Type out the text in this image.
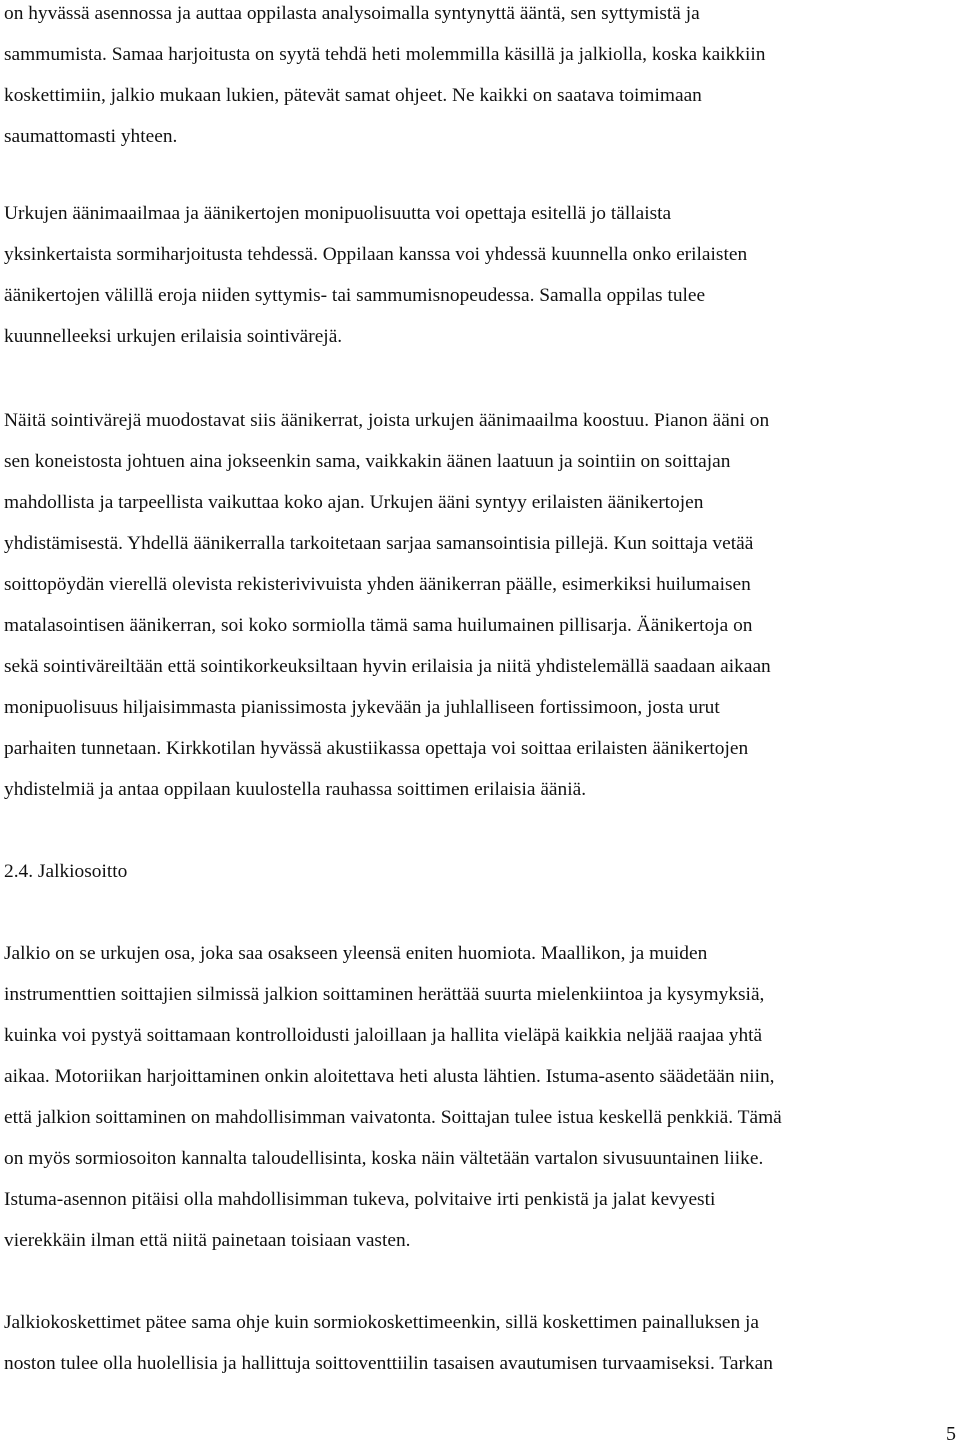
on hyvässä asennossa ja auttaa oppilasta analysoimalla syntynyttä ääntä, sen syttymistä ja
sammumista. Samaa harjoitusta on syytä tehdä heti molemmilla käsillä ja jalkiolla, koska kaikkiin
koskettimiin, jalkio mukaan lukien, pätevät samat ohjeet. Ne kaikki on saatava toimimaan
saumattomasti yhteen.
Urkujen äänimaailmaa ja äänikertojen monipuolisuutta voi opettaja esitellä jo tällaista
yksinkertaista sormiharjoitusta tehdessä. Oppilaan kanssa voi yhdessä kuunnella onko erilaisten
äänikertojen välillä eroja niiden syttymis- tai sammumisnopeudessa. Samalla oppilas tulee
kuunnelleeksi urkujen erilaisia sointivärejä.
Näitä sointivärejä muodostavat siis äänikerrat, joista urkujen äänimaailma koostuu. Pianon ääni on
sen koneistosta johtuen aina jokseenkin sama, vaikkakin äänen laatuun ja sointiin on soittajan
mahdollista ja tarpeellista vaikuttaa koko ajan. Urkujen ääni syntyy erilaisten äänikertojen
yhdistämisestä. Yhdellä äänikerralla tarkoitetaan sarjaa samansointisia pillejä. Kun soittaja vetää
soittopöydän vierellä olevista rekisterivivuista yhden äänikerran päälle, esimerkiksi huilumaisen
matalasointisen äänikerran, soi koko sormiolla tämä sama huilumainen pillisarja. Äänikertoja on
sekä sointiväreiltään että sointikorkeuksiltaan hyvin erilaisia ja niitä yhdistelemällä saadaan aikaan
monipuolisuus hiljaisimmasta pianissimosta jykevään ja juhlalliseen fortissimoon, josta urut
parhaiten tunnetaan. Kirkkotilan hyvässä akustiikassa opettaja voi soittaa erilaisten äänikertojen
yhdistelmiä ja antaa oppilaan kuulostella rauhassa soittimen erilaisia ääniä.
2.4. Jalkiosoitto
Jalkio on se urkujen osa, joka saa osakseen yleensä eniten huomiota. Maallikon, ja muiden
instrumenttien soittajien silmissä jalkion soittaminen herättää suurta mielenkiintoa ja kysymyksiä,
kuinka voi pystyä soittamaan kontrolloidusti jaloillaan ja hallita vieläpä kaikkia neljää raajaa yhtä
aikaa. Motoriikan harjoittaminen onkin aloitettava heti alusta lähtien. Istuma-asento säädetään niin,
että jalkion soittaminen on mahdollisimman vaivatonta. Soittajan tulee istua keskellä penkkiä. Tämä
on myös sormiosoiton kannalta taloudellisinta, koska näin vältetään vartalon sivusuuntainen liike.
Istuma-asennon pitäisi olla mahdollisimman tukeva, polvitaive irti penkistä ja jalat kevyesti
vierekkäin ilman että niitä painetaan toisiaan vasten.
Jalkiokoskettimet pätee sama ohje kuin sormiokoskettimeenkin, sillä koskettimen painalluksen ja
noston tulee olla huolellisia ja hallittuja soittoventtiilin tasaisen avautumisen turvaamiseksi. Tarkan
5
